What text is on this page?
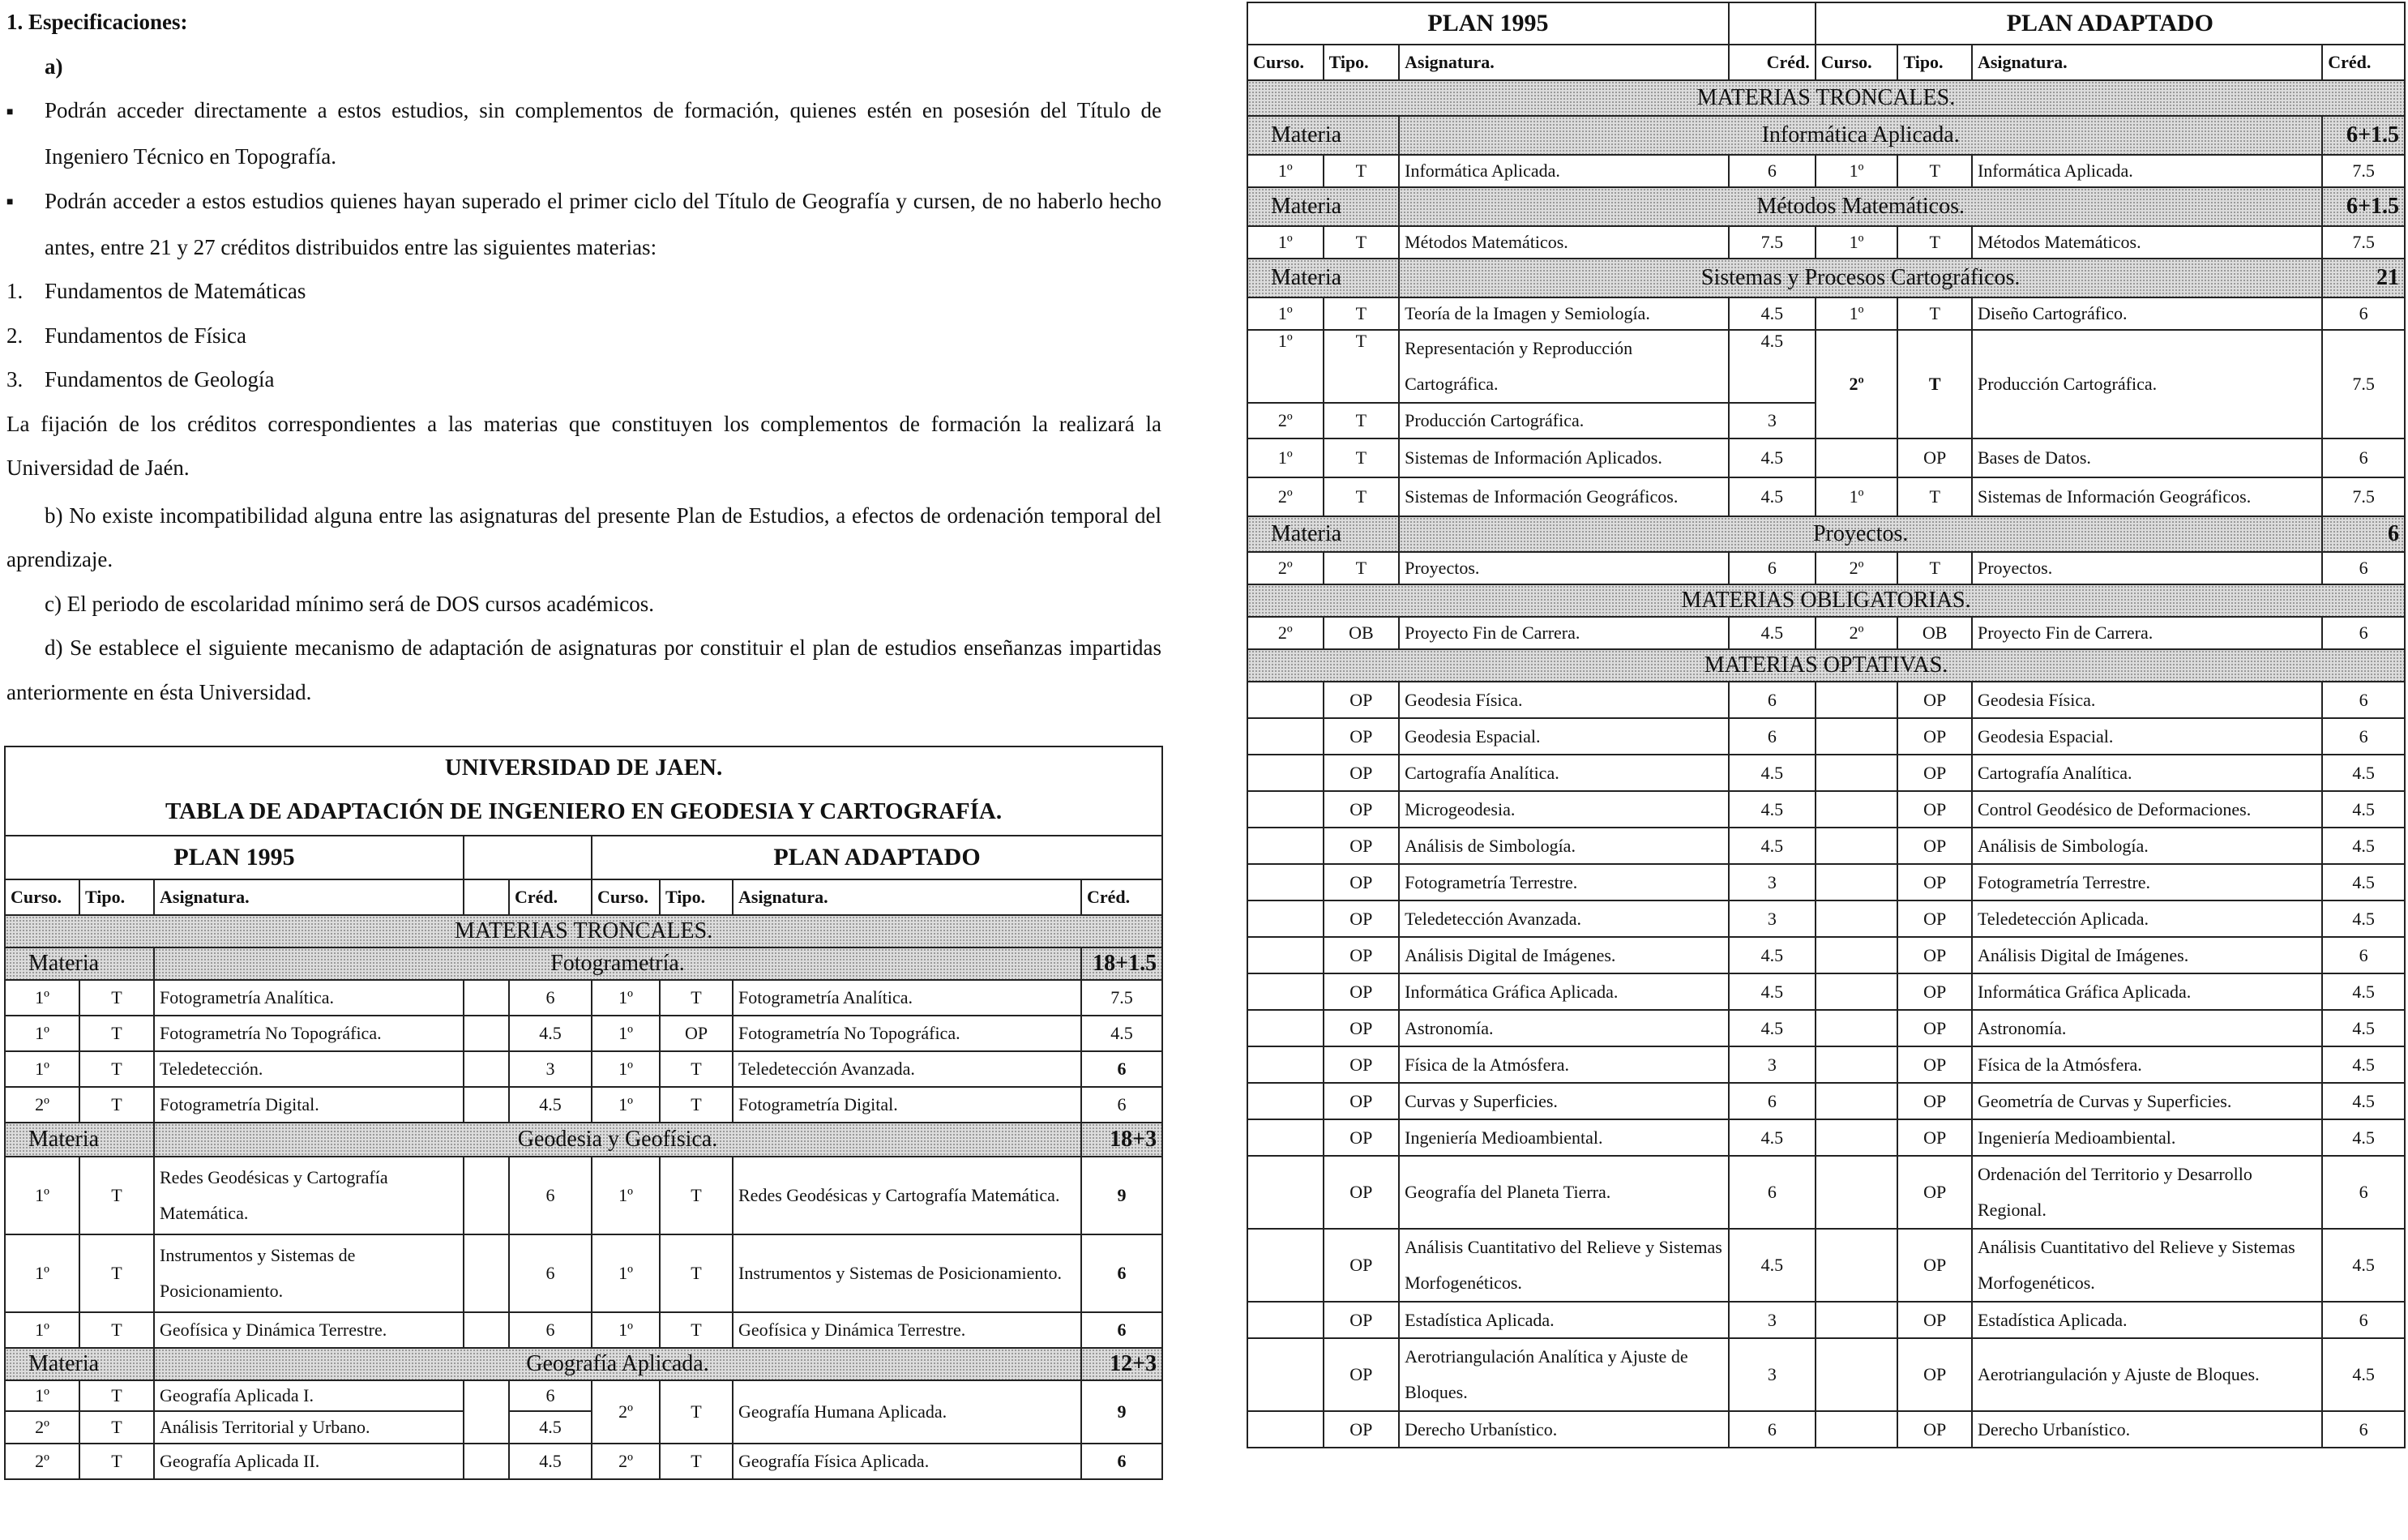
1. Especificaciones:

a)

■ Podrán acceder directamente a estos estudios, sin complementos de formación, quienes estén en posesión del Título de Ingeniero Técnico en Topografía.

■ Podrán acceder a estos estudios quienes hayan superado el primer ciclo del Título de Geografía y cursen, de no haberlo hecho antes, entre 21 y 27 créditos distribuidos entre las siguientes materias:

1. Fundamentos de Matemáticas

2. Fundamentos de Física

3. Fundamentos de Geología

La fijación de los créditos correspondientes a las materias que constituyen los complementos de formación la realizará la Universidad de Jaén.

b) No existe incompatibilidad alguna entre las asignaturas del presente Plan de Estudios, a efectos de ordenación temporal del aprendizaje.

c) El periodo de escolaridad mínimo será de DOS cursos académicos.

d) Se establece el siguiente mecanismo de adaptación de asignaturas por constituir el plan de estudios enseñanzas impartidas anteriormente en ésta Universidad.

UNIVERSIDAD DE JAEN.								
TABLA DE ADAPTACIÓN DE INGENIERO EN GEODESIA Y CARTOGRAFÍA.								
PLAN 1995					PLAN ADAPTADO			
Curso.	Tipo.	Asignatura.		Créd.	Curso.	Tipo.	Asignatura.	Créd.
MATERIAS TRONCALES.								
Materia		Fotogrametría.						18+1.5
1º	T	Fotogrametría Analítica.		6	1º	T	Fotogrametría Analítica.	7.5
1º	T	Fotogrametría No Topográfica.		4.5	1º	OP	Fotogrametría No Topográfica.	4.5
1º	T	Teledetección.		3	1º	T	Teledetección Avanzada.	6
2º	T	Fotogrametría Digital.		4.5	1º	T	Fotogrametría Digital.	6
Materia		Geodesia y Geofísica.						18+3
1º	T	Redes Geodésicas y Cartografía Matemática.		6	1º	T	Redes Geodésicas y Cartografía Matemática.	9
1º	T	Instrumentos y Sistemas de Posicionamiento.		6	1º	T	Instrumentos y Sistemas de Posicionamiento.	6
1º	T	Geofísica y Dinámica Terrestre.		6	1º	T	Geofísica y Dinámica Terrestre.	6
Materia		Geografía Aplicada.						12+3
1º	T	Geografía Aplicada I.		6	2º	T	Geografía Humana Aplicada.	9
2º	T	Análisis Territorial y Urbano.		4.5				
2º	T	Geografía Aplicada II.		4.5	2º	T	Geografía Física Aplicada.	6
PLAN 1995				PLAN ADAPTADO			
Curso.	Tipo.	Asignatura.	Créd.	Curso.	Tipo.	Asignatura.	Créd.
MATERIAS TRONCALES.							
Materia		Informática Aplicada.					6+1.5
1º	T	Informática Aplicada.	6	1º	T	Informática Aplicada.	7.5
Materia		Métodos Matemáticos.					6+1.5
1º	T	Métodos Matemáticos.	7.5	1º	T	Métodos Matemáticos.	7.5
Materia		Sistemas y Procesos Cartográficos.					21
1º	T	Teoría de la Imagen y Semiología.	4.5	1º	T	Diseño Cartográfico.	6
1º	T	Representación y Reproducción Cartográfica.	4.5	2º	T	Producción Cartográfica.	7.5
2º	T	Producción Cartográfica.	3				
1º	T	Sistemas de Información Aplicados.	4.5		OP	Bases de Datos.	6
2º	T	Sistemas de Información Geográficos.	4.5	1º	T	Sistemas de Información Geográficos.	7.5
Materia		Proyectos.					6
2º	T	Proyectos.	6	2º	T	Proyectos.	6
MATERIAS OBLIGATORIAS.							
2º	OB	Proyecto Fin de Carrera.	4.5	2º	OB	Proyecto Fin de Carrera.	6
MATERIAS OPTATIVAS.							
	OP	Geodesia Física.	6		OP	Geodesia Física.	6
	OP	Geodesia Espacial.	6		OP	Geodesia Espacial.	6
	OP	Cartografía Analítica.	4.5		OP	Cartografía Analítica.	4.5
	OP	Microgeodesia.	4.5		OP	Control Geodésico de Deformaciones.	4.5
	OP	Análisis de Simbología.	4.5		OP	Análisis de Simbología.	4.5
	OP	Fotogrametría Terrestre.	3		OP	Fotogrametría Terrestre.	4.5
	OP	Teledetección Avanzada.	3		OP	Teledetección Aplicada.	4.5
	OP	Análisis Digital de Imágenes.	4.5		OP	Análisis Digital de Imágenes.	6
	OP	Informática Gráfica Aplicada.	4.5		OP	Informática Gráfica Aplicada.	4.5
	OP	Astronomía.	4.5		OP	Astronomía.	4.5
	OP	Física de la Atmósfera.	3		OP	Física de la Atmósfera.	4.5
	OP	Curvas y Superficies.	6		OP	Geometría de Curvas y Superficies.	4.5
	OP	Ingeniería Medioambiental.	4.5		OP	Ingeniería Medioambiental.	4.5
	OP	Geografía del Planeta Tierra.	6		OP	Ordenación del Territorio y Desarrollo Regional.	6
	OP	Análisis Cuantitativo del Relieve y Sistemas Morfogenéticos.	4.5		OP	Análisis Cuantitativo del Relieve y Sistemas Morfogenéticos.	4.5
	OP	Estadística Aplicada.	3		OP	Estadística Aplicada.	6
	OP	Aerotriangulación Analítica y Ajuste de Bloques.	3		OP	Aerotriangulación y Ajuste de Bloques.	4.5
	OP	Derecho Urbanístico.	6		OP	Derecho Urbanístico.	6
